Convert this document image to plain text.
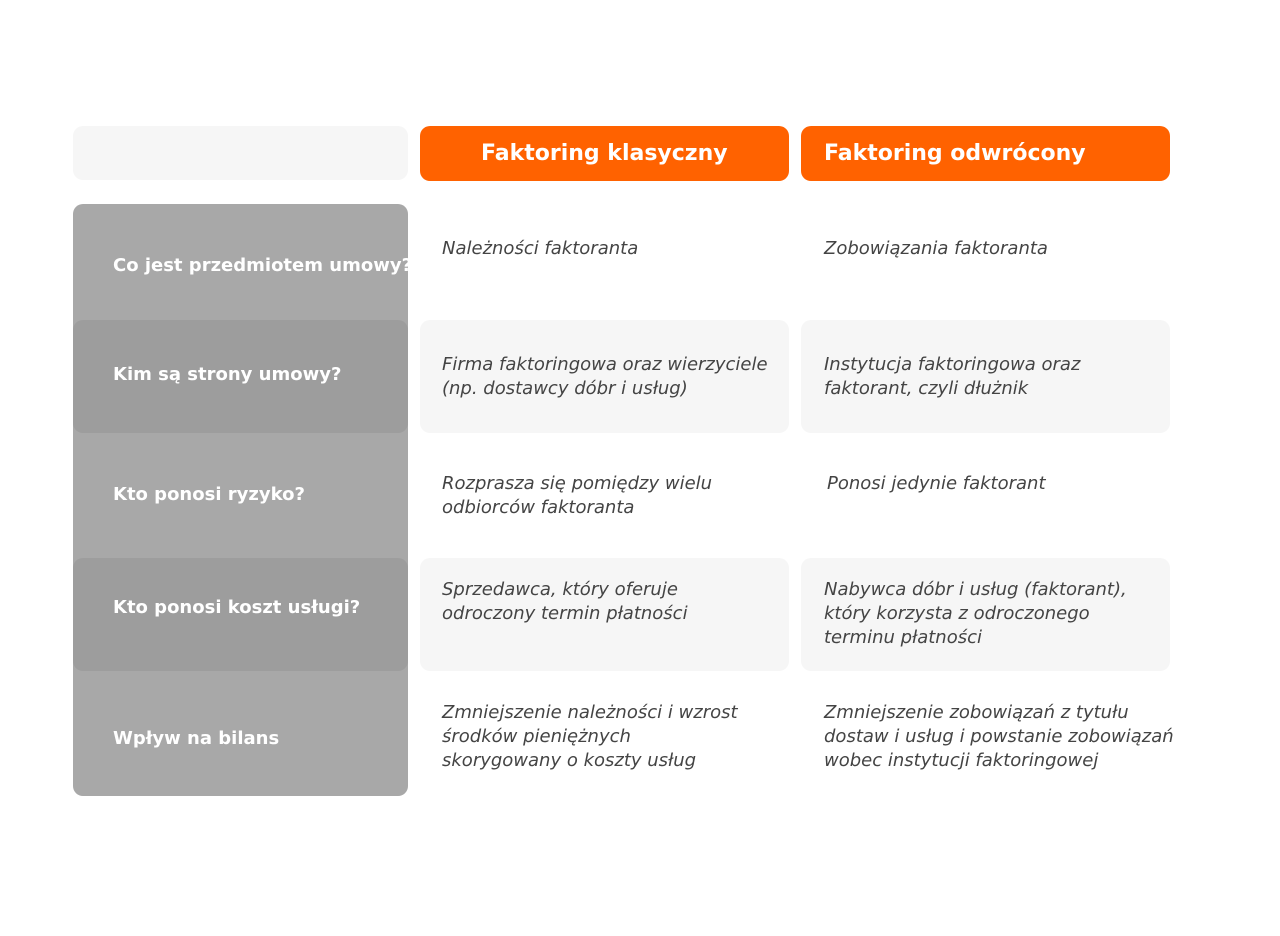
Faktoring klasyczny	Faktoring odwrócony
Co jest przedmiotem umowy?
Kim są strony umowy?
Kto ponosi ryzyko?
Kto ponosi koszt usługi?
Wpływ na bilans
Należności faktoranta	Zobowiązania faktoranta
Firma faktoringowa oraz wierzyciele
(np. dostawcy dóbr i usług)
Instytucja faktoringowa oraz
faktorant, czyli dłużnik
Rozprasza się pomiędzy wielu
odbiorców faktoranta
Ponosi jedynie faktorant
Sprzedawca, który oferuje
odroczony termin płatności
Nabywca dóbr i usług (faktorant),
który korzysta z odroczonego
terminu płatności
Zmniejszenie należności i wzrost
środków pieniężnych
skorygowany o koszty usług
Zmniejszenie zobowiązań z tytułu
dostaw i usług i powstanie zobowiązań
wobec instytucji faktoringowej
